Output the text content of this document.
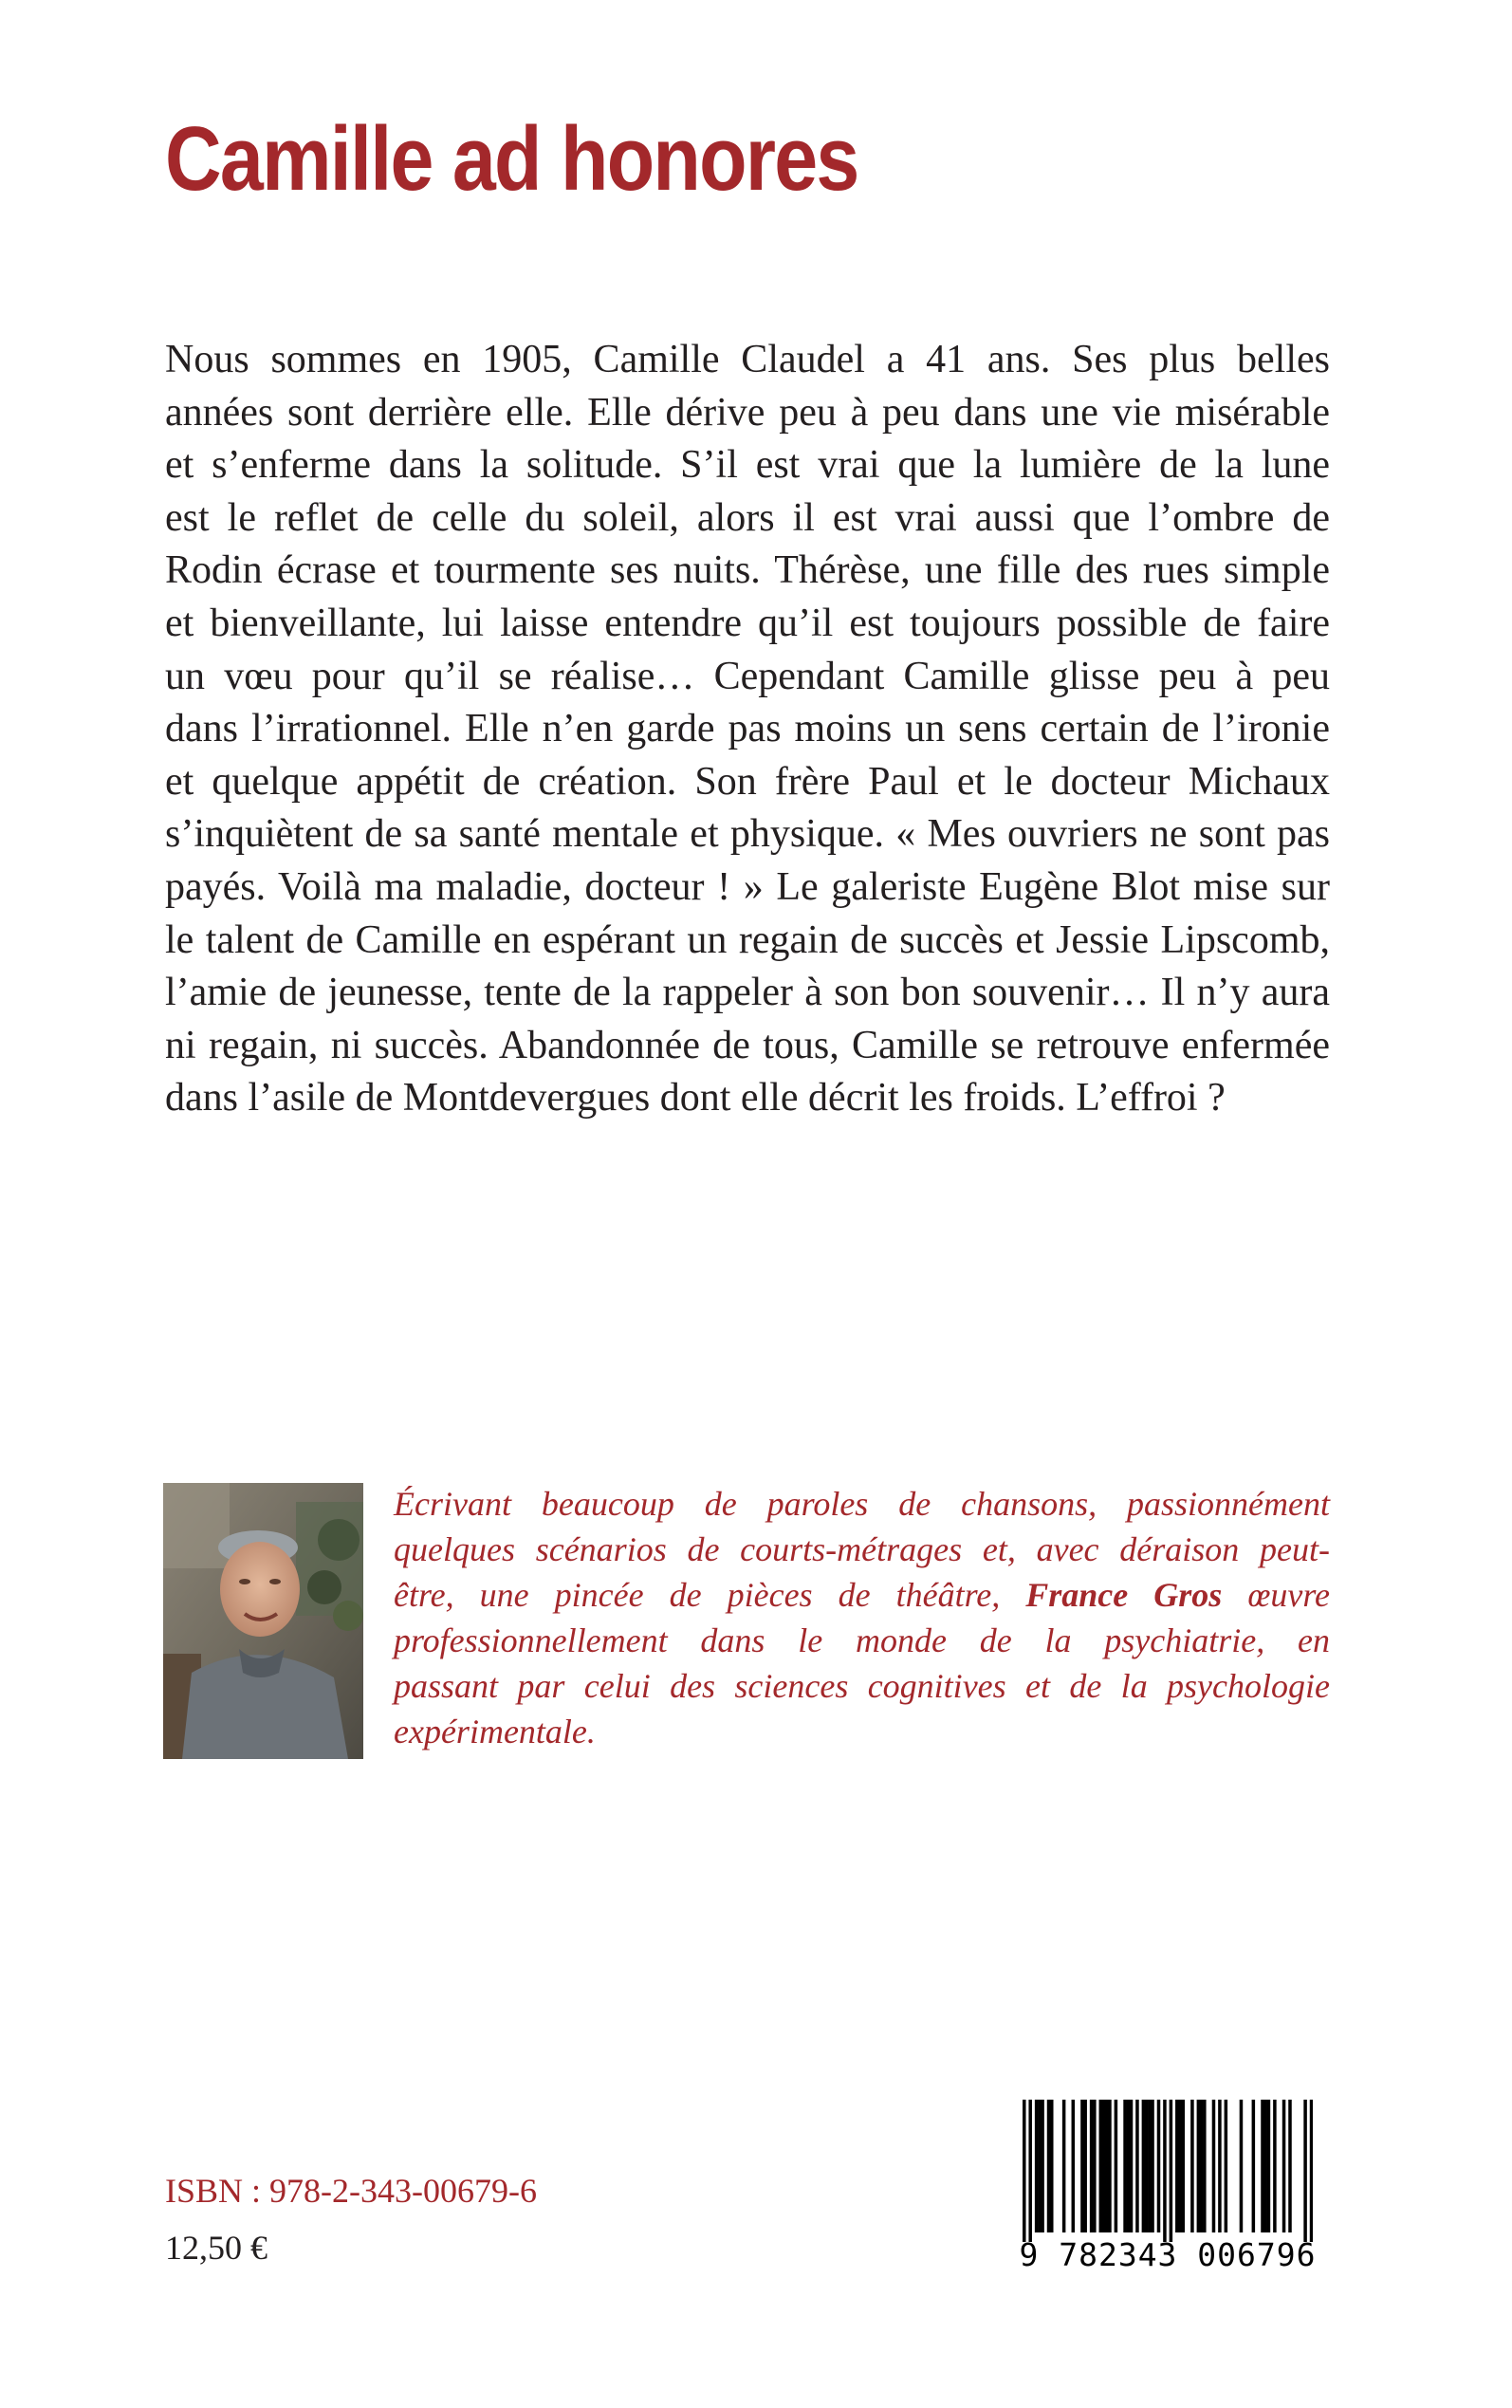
Camille ad honores
Nous sommes en 1905, Camille Claudel a 41 ans. Ses plus belles
années sont derrière elle. Elle dérive peu à peu dans une vie misérable
et s’enferme dans la solitude. S’il est vrai que la lumière de la lune
est le reflet de celle du soleil, alors il est vrai aussi que l’ombre de
Rodin écrase et tourmente ses nuits. Thérèse, une fille des rues simple
et bienveillante, lui laisse entendre qu’il est toujours possible de faire
un vœu pour qu’il se réalise… Cependant Camille glisse peu à peu
dans l’irrationnel. Elle n’en garde pas moins un sens certain de l’ironie
et quelque appétit de création. Son frère Paul et le docteur Michaux
s’inquiètent de sa santé mentale et physique. « Mes ouvriers ne sont pas
payés. Voilà ma maladie, docteur ! » Le galeriste Eugène Blot mise sur
le talent de Camille en espérant un regain de succès et Jessie Lipscomb,
l’amie de jeunesse, tente de la rappeler à son bon souvenir… Il n’y aura
ni regain, ni succès. Abandonnée de tous, Camille se retrouve enfermée
dans l’asile de Montdevergues dont elle décrit les froids. L’effroi ?
Écrivant beaucoup de paroles de chansons, passionnément
quelques scénarios de courts-métrages et, avec déraison peut-
être, une pincée de pièces de théâtre, France Gros œuvre
professionnellement dans le monde de la psychiatrie, en
passant par celui des sciences cognitives et de la psychologie
expérimentale.
ISBN : 978-2-343-00679-6
12,50 €	9 782343 006796
